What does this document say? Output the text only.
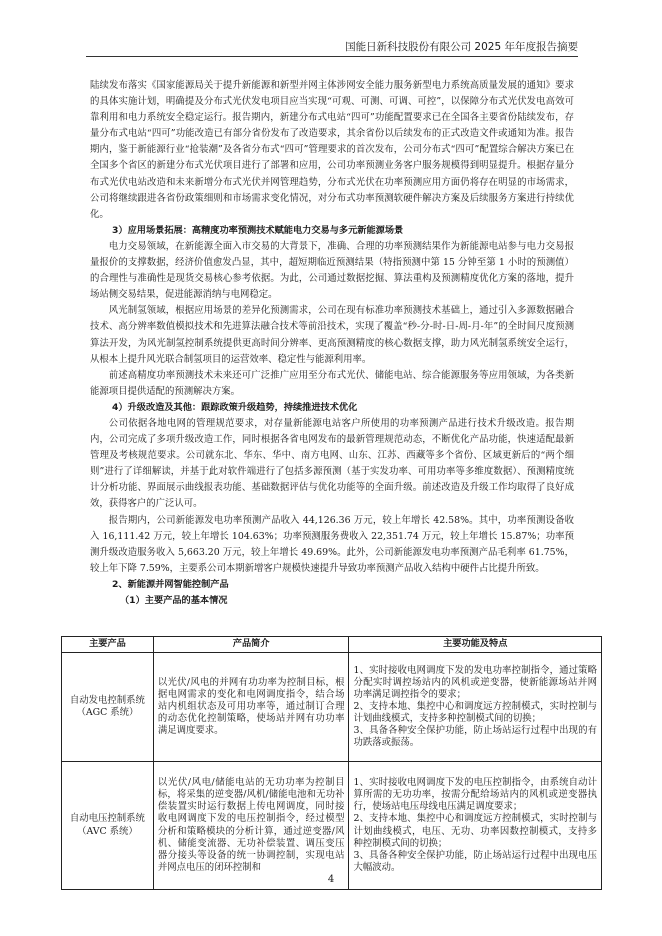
国能日新科技股份有限公司 2025 年年度报告摘要

陆续发布落实《国家能源局关于提升新能源和新型并网主体涉网安全能力服务新型电力系统高质量发展的通知》要求的具体实施计划，明确提及分布式光伏发电项目应当实现“可观、可测、可调、可控”，以保障分布式光伏发电高效可靠利用和电力系统安全稳定运行。报告期内，新建分布式电站“四可”功能配置要求已在全国各主要省份陆续发布，存量分布式电站“四可”功能改造已有部分省份发布了改造要求，其余省份以后续发布的正式改造文件或通知为准。报告期内，鉴于新能源行业“抢装潮”及各省分布式“四可”管理要求的首次发布，公司分布式“四可”配置综合解决方案已在全国多个省区的新建分布式光伏项目进行了部署和应用，公司功率预测业务客户服务规模得到明显提升。根据存量分布式光伏电站改造和未来新增分布式光伏并网管理趋势，分布式光伏在功率预测应用方面仍将存在明显的市场需求，公司将继续跟进各省份政策细则和市场需求变化情况，对分布式功率预测软硬件解决方案及后续服务方案进行持续优化。

3）应用场景拓展：高精度功率预测技术赋能电力交易与多元新能源场景

电力交易领域，在新能源全面入市交易的大背景下，准确、合理的功率预测结果作为新能源电站参与电力交易报量报价的支撑数据，经济价值愈发凸显，其中，超短期临近预测结果（特指预测中第 15 分钟至第 1 小时的预测值）的合理性与准确性是现货交易核心参考依据。为此，公司通过数据挖掘、算法重构及预测精度优化方案的落地，提升场站侧交易结果，促进能源消纳与电网稳定。

风光制氢领域，根据应用场景的差异化预测需求，公司在现有标准功率预测技术基础上，通过引入多源数据融合技术、高分辨率数值模拟技术和先进算法融合技术等前沿技术，实现了覆盖“秒-分-时-日-周-月-年”的全时间尺度预测算法开发，为风光制氢控制系统提供更高时间分辨率、更高预测精度的核心数据支撑，助力风光制氢系统安全运行，从根本上提升风光联合制氢项目的运营效率、稳定性与能源利用率。

前述高精度功率预测技术未来还可广泛推广应用至分布式光伏、储能电站、综合能源服务等应用领域，为各类新能源项目提供适配的预测解决方案。

4）升级改造及其他：跟踪政策升级趋势，持续推进技术优化

公司依据各地电网的管理规范要求，对存量新能源电站客户所使用的功率预测产品进行技术升级改造。报告期内，公司完成了多项升级改造工作，同时根据各省电网发布的最新管理规范动态，不断优化产品功能，快速适配最新管理及考核规范要求。公司就东北、华东、华中、南方电网、山东、江苏、西藏等多个省份、区域更新后的“两个细则”进行了详细解读，并基于此对软件端进行了包括多源预测（基于实发功率、可用功率等多维度数据）、预测精度统计分析功能、界面展示曲线报表功能、基础数据评估与优化功能等的全面升级。前述改造及升级工作均取得了良好成效，获得客户的广泛认可。

报告期内，公司新能源发电功率预测产品收入 44,126.36 万元，较上年增长 42.58%。其中，功率预测设备收入 16,111.42 万元，较上年增长 104.63%；功率预测服务费收入 22,351.74 万元，较上年增长 15.87%；功率预测升级改造服务收入 5,663.20 万元，较上年增长 49.69%。此外，公司新能源发电功率预测产品毛利率 61.75%，较上年下降 7.59%，主要系公司本期新增客户规模快速提升导致功率预测产品收入结构中硬件占比提升所致。

2、新能源并网智能控制产品

（1）主要产品的基本情况

主要产品	产品简介	主要功能及特点
自动发电控制系统
（AGC 系统）	以光伏/风电的并网有功功率为控制目标，根据电网需求的变化和电网调度指令，结合场站内机组状态及可用功率等，通过制订合理的动态优化控制策略，使场站并网有功功率满足调度要求。	1、实时接收电网调度下发的发电功率控制指令，通过策略分配实时调控场站内的风机或逆变器，使新能源场站并网功率满足调控指令的要求；
2、支持本地、集控中心和调度远方控制模式，实时控制与计划曲线模式，支持多种控制模式间的切换；
3、具备各种安全保护功能，防止场站运行过程中出现的有功跌落或振荡。

自动电压控制系统
（AVC 系统）	以光伏/风电/储能电站的无功功率为控制目标，将采集的逆变器/风机/储能电池和无功补偿装置实时运行数据上传电网调度，同时接收电网调度下发的电压控制指令，经过模型分析和策略模块的分析计算，通过逆变器/风机、储能变流器、无功补偿装置、调压变压器分接头等设备的统一协调控制，实现电站并网点电压的闭环控制和	1、实时接收电网调度下发的电压控制指令，由系统自动计算所需的无功功率，按需分配给场站内的风机或逆变器执行，使场站电压母线电压满足调度要求；
2、支持本地、集控中心和调度远方控制模式，实时控制与计划曲线模式，电压、无功、功率因数控制模式，支持多种控制模式间的切换；
3、具备各种安全保护功能，防止场站运行过程中出现电压大幅波动。
4
